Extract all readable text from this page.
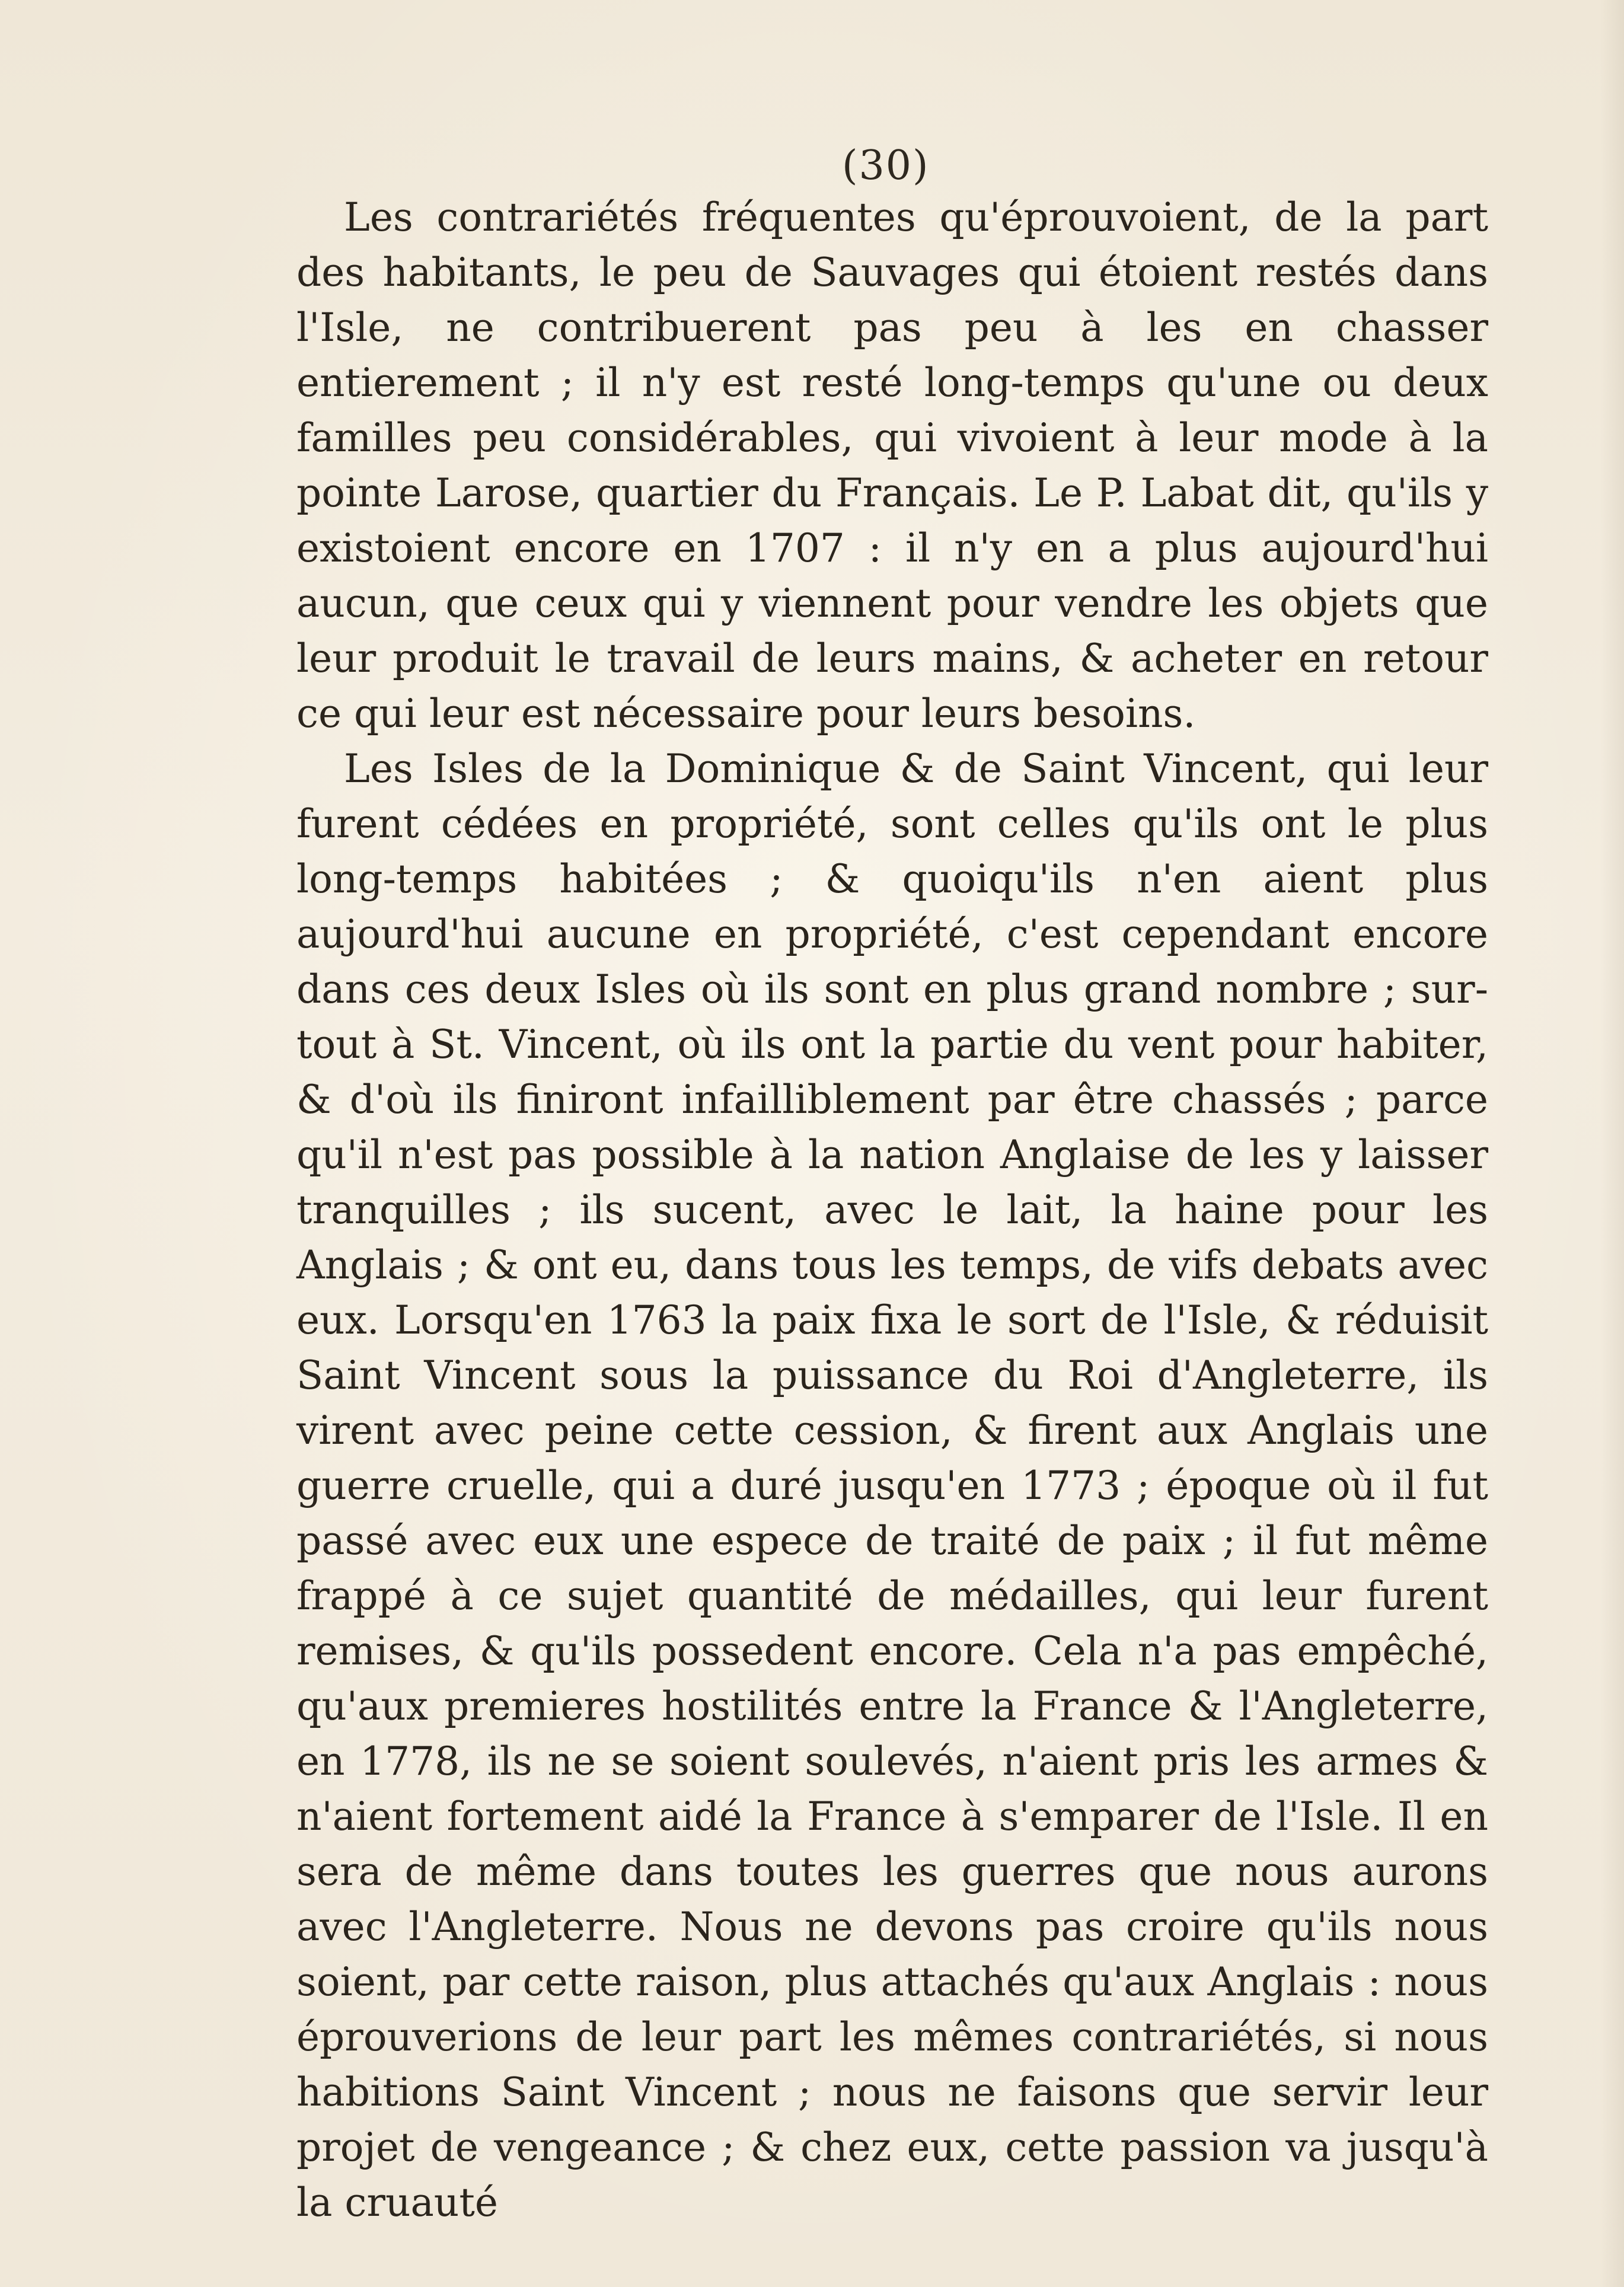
(30)

Les contrariétés fréquentes qu'éprouvoient, de la part des habitants, le peu de Sauvages qui étoient restés dans l'Isle, ne contribuerent pas peu à les en chasser entierement ; il n'y est resté long-temps qu'une ou deux familles peu considérables, qui vivoient à leur mode à la pointe Larose, quartier du Français. Le P. Labat dit, qu'ils y existoient encore en 1707 : il n'y en a plus aujourd'hui aucun, que ceux qui y viennent pour vendre les objets que leur produit le travail de leurs mains, & acheter en retour ce qui leur est nécessaire pour leurs besoins.

Les Isles de la Dominique & de Saint Vincent, qui leur furent cédées en propriété, sont celles qu'ils ont le plus long-temps habitées ; & quoiqu'ils n'en aient plus aujourd'hui aucune en propriété, c'est cependant encore dans ces deux Isles où ils sont en plus grand nombre ; sur-tout à St. Vincent, où ils ont la partie du vent pour habiter, & d'où ils finiront infailliblement par être chassés ; parce qu'il n'est pas possible à la nation Anglaise de les y laisser tranquilles ; ils sucent, avec le lait, la haine pour les Anglais ; & ont eu, dans tous les temps, de vifs debats avec eux. Lorsqu'en 1763 la paix fixa le sort de l'Isle, & réduisit Saint Vincent sous la puissance du Roi d'Angleterre, ils virent avec peine cette cession, & firent aux Anglais une guerre cruelle, qui a duré jusqu'en 1773 ; époque où il fut passé avec eux une espece de traité de paix ; il fut même frappé à ce sujet quantité de médailles, qui leur furent remises, & qu'ils possedent encore. Cela n'a pas empêché, qu'aux premieres hostilités entre la France & l'Angleterre, en 1778, ils ne se soient soulevés, n'aient pris les armes & n'aient fortement aidé la France à s'emparer de l'Isle. Il en sera de même dans toutes les guerres que nous aurons avec l'Angleterre. Nous ne devons pas croire qu'ils nous soient, par cette raison, plus attachés qu'aux Anglais : nous éprouverions de leur part les mêmes contrariétés, si nous habitions Saint Vincent ; nous ne faisons que servir leur projet de vengeance ; & chez eux, cette passion va jusqu'à la cruauté
